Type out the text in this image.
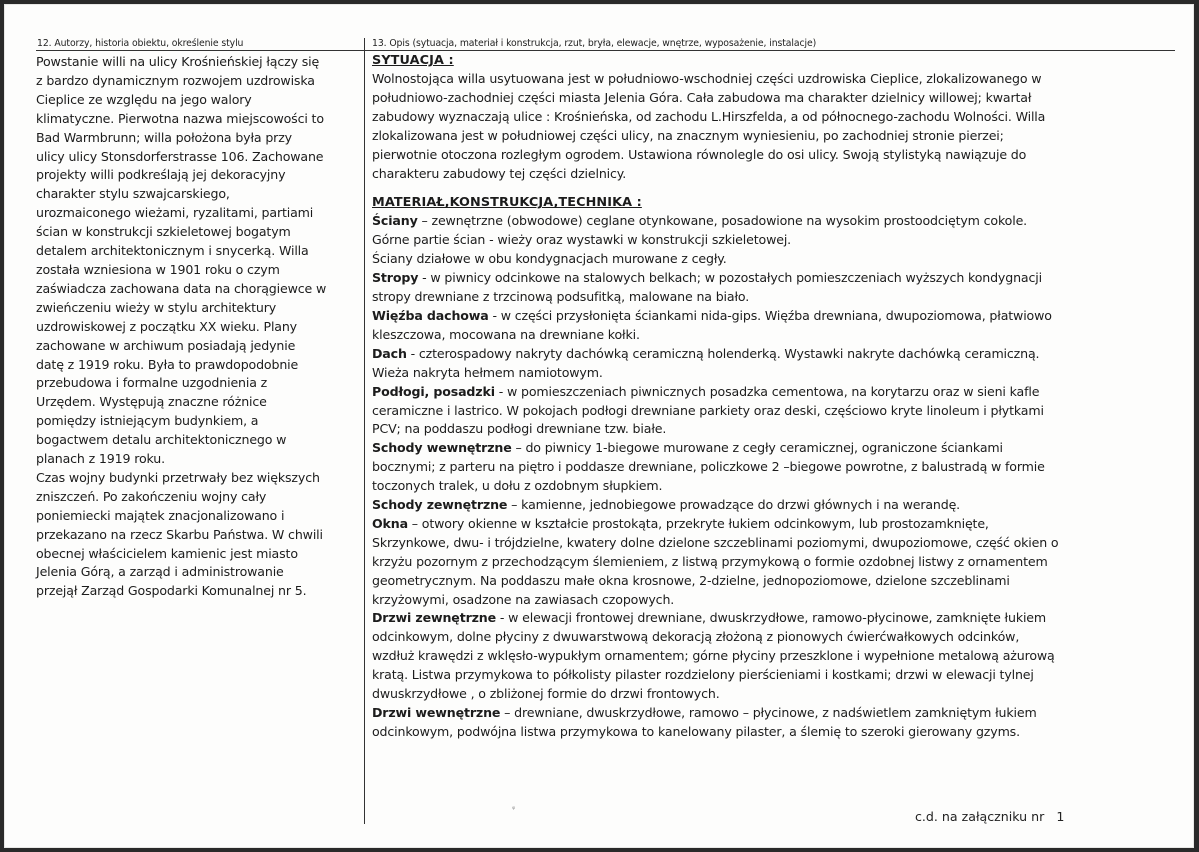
12. Autorzy, historia obiektu, określenie stylu
Powstanie willi na ulicy Krośnieńskiej łączy się
z bardzo dynamicznym rozwojem uzdrowiska
Cieplice ze względu na jego walory
klimatyczne. Pierwotna nazwa miejscowości to
Bad Warmbrunn; willa położona była przy
ulicy ulicy Stonsdorferstrasse 106. Zachowane
projekty willi podkreślają jej dekoracyjny
charakter stylu szwajcarskiego,
urozmaiconego wieżami, ryzalitami, partiami
ścian w konstrukcji szkieletowej bogatym
detalem architektonicznym i snycerką. Willa
została wzniesiona w 1901 roku o czym
zaświadcza zachowana data na chorągiewce w
zwieńczeniu wieży w stylu architektury
uzdrowiskowej z początku XX wieku. Plany
zachowane w archiwum posiadają jedynie
datę z 1919 roku. Była to prawdopodobnie
przebudowa i formalne uzgodnienia z
Urzędem. Występują znaczne różnice
pomiędzy istniejącym budynkiem, a
bogactwem detalu architektonicznego w
planach z 1919 roku.
Czas wojny budynki przetrwały bez większych
zniszczeń. Po zakończeniu wojny cały
poniemiecki majątek znacjonalizowano i
przekazano na rzecz Skarbu Państwa. W chwili
obecnej właścicielem kamienic jest miasto
Jelenia Górą, a zarząd i administrowanie
przejął Zarząd Gospodarki Komunalnej nr 5.
13. Opis (sytuacja, materiał i konstrukcja, rzut, bryła, elewacje, wnętrze, wyposażenie, instalacje)
SYTUACJA :
Wolnostojąca willa usytuowana jest w południowo-wschodniej części uzdrowiska Cieplice, zlokalizowanego w
południowo-zachodniej części miasta Jelenia Góra. Cała zabudowa ma charakter dzielnicy willowej; kwartał
zabudowy wyznaczają ulice : Krośnieńska, od zachodu L.Hirszfelda, a od północnego-zachodu Wolności. Willa
zlokalizowana jest w południowej części ulicy, na znacznym wyniesieniu, po zachodniej stronie pierzei;
pierwotnie otoczona rozległym ogrodem. Ustawiona równolegle do osi ulicy. Swoją stylistyką nawiązuje do
charakteru zabudowy tej części dzielnicy.
MATERIAŁ,KONSTRUKCJA,TECHNIKA :
Ściany – zewnętrzne (obwodowe) ceglane otynkowane, posadowione na wysokim prostoodciętym cokole.
Górne partie ścian - wieży oraz wystawki w konstrukcji szkieletowej.
Ściany działowe w obu kondygnacjach murowane z cegły.
Stropy - w piwnicy odcinkowe na stalowych belkach; w pozostałych pomieszczeniach wyższych kondygnacji
stropy drewniane z trzcinową podsufitką, malowane na biało.
Więźba dachowa - w części przysłonięta ściankami nida-gips. Więźba drewniana, dwupoziomowa, płatwiowo
kleszczowa, mocowana na drewniane kołki.
Dach - czterospadowy nakryty dachówką ceramiczną holenderką. Wystawki nakryte dachówką ceramiczną.
Wieża nakryta hełmem namiotowym.
Podłogi, posadzki - w pomieszczeniach piwnicznych posadzka cementowa, na korytarzu oraz w sieni kafle
ceramiczne i lastrico. W pokojach podłogi drewniane parkiety oraz deski, częściowo kryte linoleum i płytkami
PCV; na poddaszu podłogi drewniane tzw. białe.
Schody wewnętrzne – do piwnicy 1-biegowe murowane z cegły ceramicznej, ograniczone ściankami
bocznymi; z parteru na piętro i poddasze drewniane, policzkowe 2 –biegowe powrotne, z balustradą w formie
toczonych tralek, u dołu z ozdobnym słupkiem.
Schody zewnętrzne – kamienne, jednobiegowe prowadzące do drzwi głównych i na werandę.
Okna – otwory okienne w kształcie prostokąta, przekryte łukiem odcinkowym, lub prostozamknięte,
Skrzynkowe, dwu- i trójdzielne, kwatery dolne dzielone szczeblinami poziomymi, dwupoziomowe, część okien o
krzyżu pozornym z przechodzącym ślemieniem, z listwą przymykową o formie ozdobnej listwy z ornamentem
geometrycznym. Na poddaszu małe okna krosnowe, 2-dzielne, jednopoziomowe, dzielone szczeblinami
krzyżowymi, osadzone na zawiasach czopowych.
Drzwi zewnętrzne - w elewacji frontowej drewniane, dwuskrzydłowe, ramowo-płycinowe, zamknięte łukiem
odcinkowym, dolne płyciny z dwuwarstwową dekoracją złożoną z pionowych ćwierćwałkowych odcinków,
wzdłuż krawędzi z wklęsło-wypukłym ornamentem; górne płyciny przeszklone i wypełnione metalową ażurową
kratą. Listwa przymykowa to półkolisty pilaster rozdzielony pierścieniami i kostkami; drzwi w elewacji tylnej
dwuskrzydłowe , o zbliżonej formie do drzwi frontowych.
Drzwi wewnętrzne – drewniane, dwuskrzydłowe, ramowo – płycinowe, z nadświetlem zamkniętym łukiem
odcinkowym, podwójna listwa przymykowa to kanelowany pilaster, a ślemię to szeroki gierowany gzyms.
ᵩ
c.d. na załączniku nr   1
